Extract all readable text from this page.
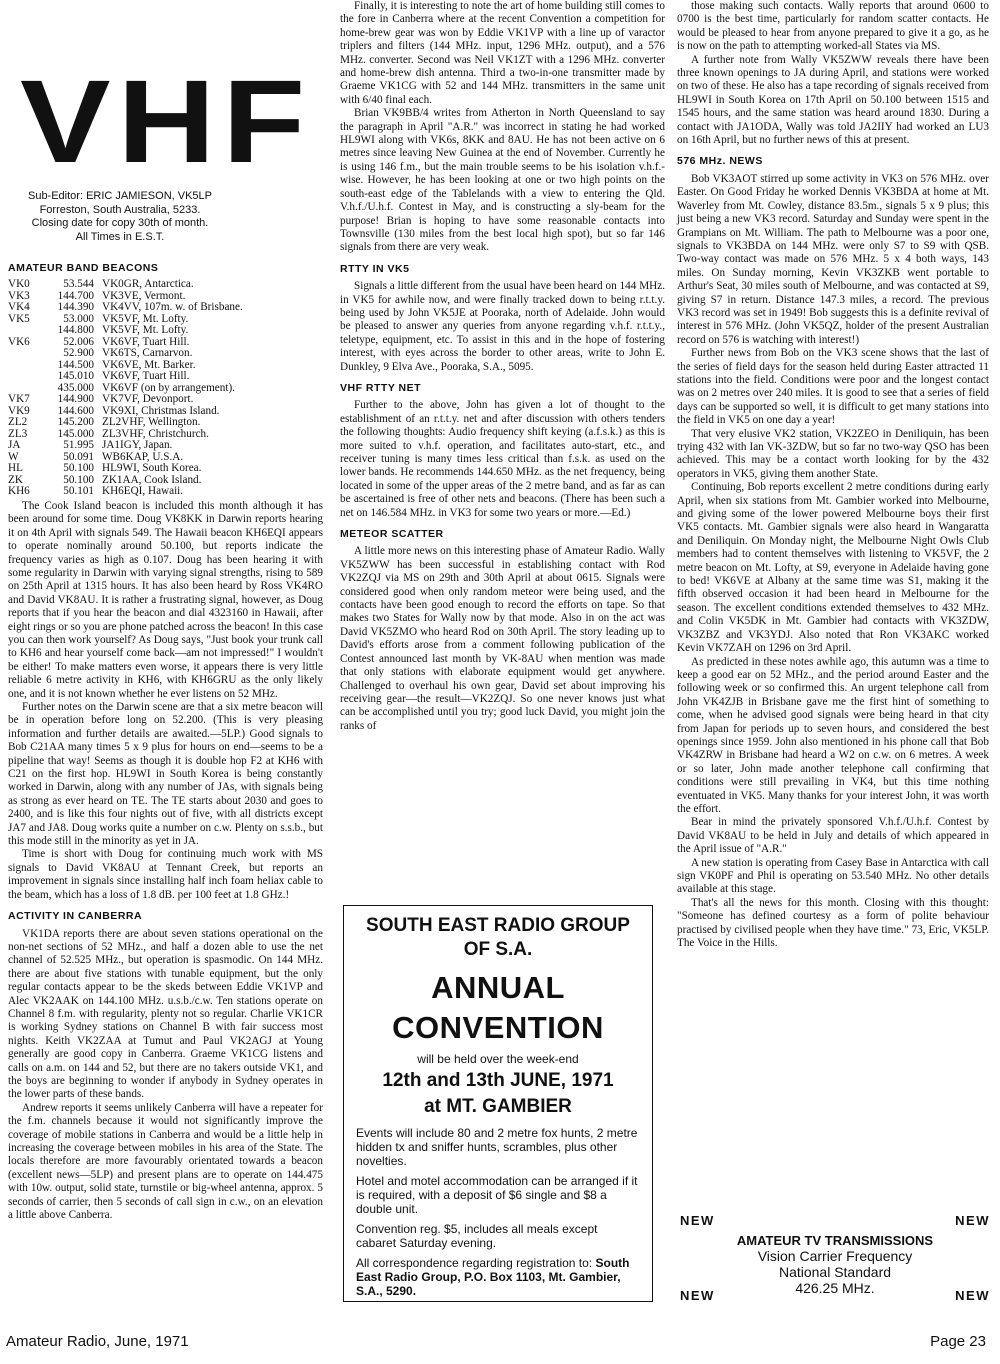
VHF
Sub-Editor: ERIC JAMIESON, VK5LP
Forreston, South Australia, 5233.
Closing date for copy 30th of month.
All Times in E.S.T.
AMATEUR BAND BEACONS
VK0	53.544	VK0GR, Antarctica.
VK3	144.700	VK3VE, Vermont.
VK4	144.390	VK4VV, 107m. w. of Brisbane.
VK5	53.000	VK5VF, Mt. Lofty.
	144.800	VK5VF, Mt. Lofty.
VK6	52.006	VK6VF, Tuart Hill.
	52.900	VK6TS, Carnarvon.
	144.500	VK6VE, Mt. Barker.
	145.010	VK6VF, Tuart Hill.
	435.000	VK6VF (on by arrangement).
VK7	144.900	VK7VF, Devonport.
VK9	144.600	VK9XI, Christmas Island.
ZL2	145.200	ZL2VHF, Wellington.
ZL3	145.000	ZL3VHF, Christchurch.
JA	51.995	JA1IGY, Japan.
W	50.091	WB6KAP, U.S.A.
HL	50.100	HL9WI, South Korea.
ZK	50.100	ZK1AA, Cook Island.
KH6	50.101	KH6EQI, Hawaii.

The Cook Island beacon is included this month although it has been around for some time. Doug VK8KK in Darwin reports hearing it on 4th April with signals 549. The Hawaii beacon KH6EQI appears to operate nominally around 50.100, but reports indicate the frequency varies as high as 0.107. Doug has been hearing it with some regularity in Darwin with varying signal strengths, rising to 589 on 25th April at 1315 hours. It has also been heard by Ross VK4RO and David VK8AU. It is rather a frustrating signal, however, as Doug reports that if you hear the beacon and dial 4323160 in Hawaii, after eight rings or so you are phone patched across the beacon! In this case you can then work yourself? As Doug says, "Just book your trunk call to KH6 and hear yourself come back—am not impressed!" I wouldn't be either! To make matters even worse, it appears there is very little reliable 6 metre activity in KH6, with KH6GRU as the only likely one, and it is not known whether he ever listens on 52 MHz.

Further notes on the Darwin scene are that a six metre beacon will be in operation before long on 52.200. (This is very pleasing information and further details are awaited.—5LP.) Good signals to Bob C21AA many times 5 x 9 plus for hours on end—seems to be a pipeline that way! Seems as though it is double hop F2 at KH6 with C21 on the first hop. HL9WI in South Korea is being constantly worked in Darwin, along with any number of JAs, with signals being as strong as ever heard on TE. The TE starts about 2030 and goes to 2400, and is like this four nights out of five, with all districts except JA7 and JA8. Doug works quite a number on c.w. Plenty on s.s.b., but this mode still in the minority as yet in JA.

Time is short with Doug for continuing much work with MS signals to David VK8AU at Tennant Creek, but reports an improvement in signals since installing half inch foam heliax cable to the beam, which has a loss of 1.8 dB. per 100 feet at 1.8 GHz.!

ACTIVITY IN CANBERRA

VK1DA reports there are about seven stations operational on the non-net sections of 52 MHz., and half a dozen able to use the net channel of 52.525 MHz., but operation is spasmodic. On 144 MHz. there are about five stations with tunable equipment, but the only regular contacts appear to be the skeds between Eddie VK1VP and Alec VK2AAK on 144.100 MHz. u.s.b./c.w. Ten stations operate on Channel 8 f.m. with regularity, plenty not so regular. Charlie VK1CR is working Sydney stations on Channel B with fair success most nights. Keith VK2ZAA at Tumut and Paul VK2AGJ at Young generally are good copy in Canberra. Graeme VK1CG listens and calls on a.m. on 144 and 52, but there are no takers outside VK1, and the boys are beginning to wonder if anybody in Sydney operates in the lower parts of these bands.

Andrew reports it seems unlikely Canberra will have a repeater for the f.m. channels because it would not significantly improve the coverage of mobile stations in Canberra and would be a little help in increasing the coverage between mobiles in his area of the State. The locals therefore are more favourably orientated towards a beacon (excellent news—5LP) and present plans are to operate on 144.475 with 10w. output, solid state, turnstile or big-wheel antenna, approx. 5 seconds of carrier, then 5 seconds of call sign in c.w., on an elevation a little above Canberra.

Finally, it is interesting to note the art of home building still comes to the fore in Canberra where at the recent Convention a competition for home-brew gear was won by Eddie VK1VP with a line up of varactor triplers and filters (144 MHz. input, 1296 MHz. output), and a 576 MHz. converter. Second was Neil VK1ZT with a 1296 MHz. converter and home-brew dish antenna. Third a two-in-one transmitter made by Graeme VK1CG with 52 and 144 MHz. transmitters in the same unit with 6/40 final each.

Brian VK9BB/4 writes from Atherton in North Queensland to say the paragraph in April "A.R." was incorrect in stating he had worked HL9WI along with VK6s, 8KK and 8AU. He has not been active on 6 metres since leaving New Guinea at the end of November. Currently he is using 146 f.m., but the main trouble seems to be his isolation v.h.f.-wise. However, he has been looking at one or two high points on the south-east edge of the Tablelands with a view to entering the Qld. V.h.f./U.h.f. Contest in May, and is constructing a sly-beam for the purpose! Brian is hoping to have some reasonable contacts into Townsville (130 miles from the best local high spot), but so far 146 signals from there are very weak.

RTTY IN VK5

Signals a little different from the usual have been heard on 144 MHz. in VK5 for awhile now, and were finally tracked down to being r.t.t.y. being used by John VK5JE at Pooraka, north of Adelaide. John would be pleased to answer any queries from anyone regarding v.h.f. r.t.t.y., teletype, equipment, etc. To assist in this and in the hope of fostering interest, with eyes across the border to other areas, write to John E. Dunkley, 9 Elva Ave., Pooraka, S.A., 5095.

VHF RTTY NET

Further to the above, John has given a lot of thought to the establishment of an r.t.t.y. net and after discussion with others tenders the following thoughts: Audio frequency shift keying (a.f.s.k.) as this is more suited to v.h.f. operation, and facilitates auto-start, etc., and receiver tuning is many times less critical than f.s.k. as used on the lower bands. He recommends 144.650 MHz. as the net frequency, being located in some of the upper areas of the 2 metre band, and as far as can be ascertained is free of other nets and beacons. (There has been such a net on 146.584 MHz. in VK3 for some two years or more.—Ed.)

METEOR SCATTER

A little more news on this interesting phase of Amateur Radio. Wally VK5ZWW has been successful in establishing contact with Rod VK2ZQJ via MS on 29th and 30th April at about 0615. Signals were considered good when only random meteor were being used, and the contacts have been good enough to record the efforts on tape. So that makes two States for Wally now by that mode. Also in on the act was David VK5ZMO who heard Rod on 30th April. The story leading up to David's efforts arose from a comment following publication of the Contest announced last month by VK-8AU when mention was made that only stations with elaborate equipment would get anywhere. Challenged to overhaul his own gear, David set about improving his receiving gear—the result—VK2ZQJ. So one never knows just what can be accomplished until you try; good luck David, you might join the ranks of

SOUTH EAST RADIO GROUP
OF S.A.
ANNUAL CONVENTION
will be held over the week-end
12th and 13th JUNE, 1971
at MT. GAMBIER
Events will include 80 and 2 metre fox hunts, 2 metre hidden tx and sniffer hunts, scrambles, plus other novelties.
Hotel and motel accommodation can be arranged if it is required, with a deposit of $6 single and $8 a double unit.
Convention reg. $5, includes all meals except cabaret Saturday evening.
All correspondence regarding registration to: South East Radio Group, P.O. Box 1103, Mt. Gambier, S.A., 5290.

those making such contacts. Wally reports that around 0600 to 0700 is the best time, particularly for random scatter contacts. He would be pleased to hear from anyone prepared to give it a go, as he is now on the path to attempting worked-all States via MS.

A further note from Wally VK5ZWW reveals there have been three known openings to JA during April, and stations were worked on two of these. He also has a tape recording of signals received from HL9WI in South Korea on 17th April on 50.100 between 1515 and 1545 hours, and the same station was heard around 1830. During a contact with JA1ODA, Wally was told JA2IIY had worked an LU3 on 16th April, but no further news of this at present.

576 MHz. NEWS

Bob VK3AOT stirred up some activity in VK3 on 576 MHz. over Easter. On Good Friday he worked Dennis VK3BDA at home at Mt. Waverley from Mt. Cowley, distance 83.5m., signals 5 x 9 plus; this just being a new VK3 record. Saturday and Sunday were spent in the Grampians on Mt. William. The path to Melbourne was a poor one, signals to VK3BDA on 144 MHz. were only S7 to S9 with QSB. Two-way contact was made on 576 MHz. 5 x 4 both ways, 143 miles. On Sunday morning, Kevin VK3ZKB went portable to Arthur's Seat, 30 miles south of Melbourne, and was contacted at S9, giving S7 in return. Distance 147.3 miles, a record. The previous VK3 record was set in 1949! Bob suggests this is a definite revival of interest in 576 MHz. (John VK5QZ, holder of the present Australian record on 576 is watching with interest!)

Further news from Bob on the VK3 scene shows that the last of the series of field days for the season held during Easter attracted 11 stations into the field. Conditions were poor and the longest contact was on 2 metres over 240 miles. It is good to see that a series of field days can be supported so well, it is difficult to get many stations into the field in VK5 on one day a year!

That very elusive VK2 station, VK2ZEO in Deniliquin, has been trying 432 with Ian VK-3ZDW, but so far no two-way QSO has been achieved. This may be a contact worth looking for by the 432 operators in VK5, giving them another State.

Continuing, Bob reports excellent 2 metre conditions during early April, when six stations from Mt. Gambier worked into Melbourne, and giving some of the lower powered Melbourne boys their first VK5 contacts. Mt. Gambier signals were also heard in Wangaratta and Deniliquin. On Monday night, the Melbourne Night Owls Club members had to content themselves with listening to VK5VF, the 2 metre beacon on Mt. Lofty, at S9, everyone in Adelaide having gone to bed! VK6VE at Albany at the same time was S1, making it the fifth observed occasion it had been heard in Melbourne for the season. The excellent conditions extended themselves to 432 MHz. and Colin VK5DK in Mt. Gambier had contacts with VK3ZDW, VK3ZBZ and VK3YDJ. Also noted that Ron VK3AKC worked Kevin VK7ZAH on 1296 on 3rd April.

As predicted in these notes awhile ago, this autumn was a time to keep a good ear on 52 MHz., and the period around Easter and the following week or so confirmed this. An urgent telephone call from John VK4ZJB in Brisbane gave me the first hint of something to come, when he advised good signals were being heard in that city from Japan for periods up to seven hours, and considered the best openings since 1959. John also mentioned in his phone call that Bob VK4ZRW in Brisbane had heard a W2 on c.w. on 6 metres. A week or so later, John made another telephone call confirming that conditions were still prevailing in VK4, but this time nothing eventuated in VK5. Many thanks for your interest John, it was worth the effort.

Bear in mind the privately sponsored V.h.f./U.h.f. Contest by David VK8AU to be held in July and details of which appeared in the April issue of "A.R."

A new station is operating from Casey Base in Antarctica with call sign VK0PF and Phil is operating on 53.540 MHz. No other details available at this stage.

That's all the news for this month. Closing with this thought: "Someone has defined courtesy as a form of polite behaviour practised by civilised people when they have time." 73, Eric, VK5LP. The Voice in the Hills.

NEW	NEW
AMATEUR TV TRANSMISSIONS
Vision Carrier Frequency
National Standard
426.25 MHz.
NEW	NEW
Amateur Radio, June, 1971	Page 23
